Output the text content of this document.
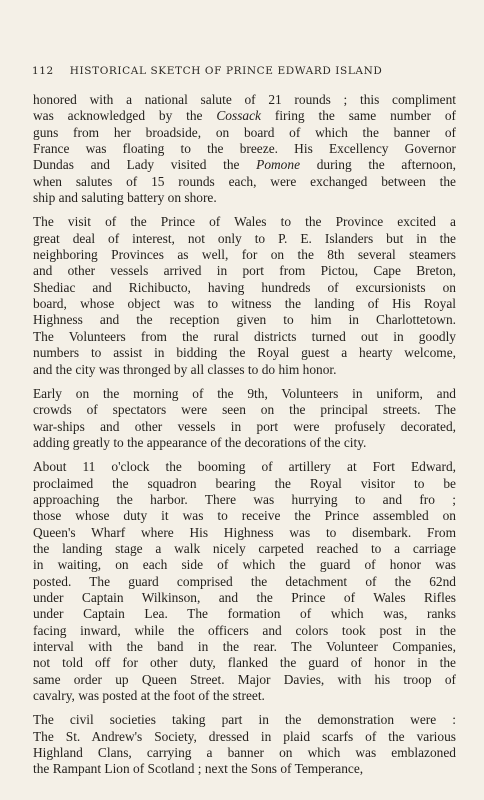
112 HISTORICAL SKETCH OF PRINCE EDWARD ISLAND

honored with a national salute of 21 rounds ; this compliment
was acknowledged by the Cossack firing the same number of
guns from her broadside, on board of which the banner of
France was floating to the breeze. His Excellency Governor
Dundas and Lady visited the Pomone during the afternoon,
when salutes of 15 rounds each, were exchanged between the
ship and saluting battery on shore.

The visit of the Prince of Wales to the Province excited a
great deal of interest, not only to P. E. Islanders but in the
neighboring Provinces as well, for on the 8th several steamers
and other vessels arrived in port from Pictou, Cape Breton,
Shediac and Richibucto, having hundreds of excursionists on
board, whose object was to witness the landing of His Royal
Highness and the reception given to him in Charlottetown.
The Volunteers from the rural districts turned out in goodly
numbers to assist in bidding the Royal guest a hearty welcome,
and the city was thronged by all classes to do him honor.

Early on the morning of the 9th, Volunteers in uniform, and
crowds of spectators were seen on the principal streets. The
war-ships and other vessels in port were profusely decorated,
adding greatly to the appearance of the decorations of the city.

About 11 o'clock the booming of artillery at Fort Edward,
proclaimed the squadron bearing the Royal visitor to be
approaching the harbor. There was hurrying to and fro ;
those whose duty it was to receive the Prince assembled on
Queen's Wharf where His Highness was to disembark. From
the landing stage a walk nicely carpeted reached to a carriage
in waiting, on each side of which the guard of honor was
posted. The guard comprised the detachment of the 62nd
under Captain Wilkinson, and the Prince of Wales Rifles
under Captain Lea. The formation of which was, ranks
facing inward, while the officers and colors took post in the
interval with the band in the rear. The Volunteer Companies,
not told off for other duty, flanked the guard of honor in the
same order up Queen Street. Major Davies, with his troop of
cavalry, was posted at the foot of the street.

The civil societies taking part in the demonstration were :
The St. Andrew's Society, dressed in plaid scarfs of the various
Highland Clans, carrying a banner on which was emblazoned
the Rampant Lion of Scotland ; next the Sons of Temperance,
